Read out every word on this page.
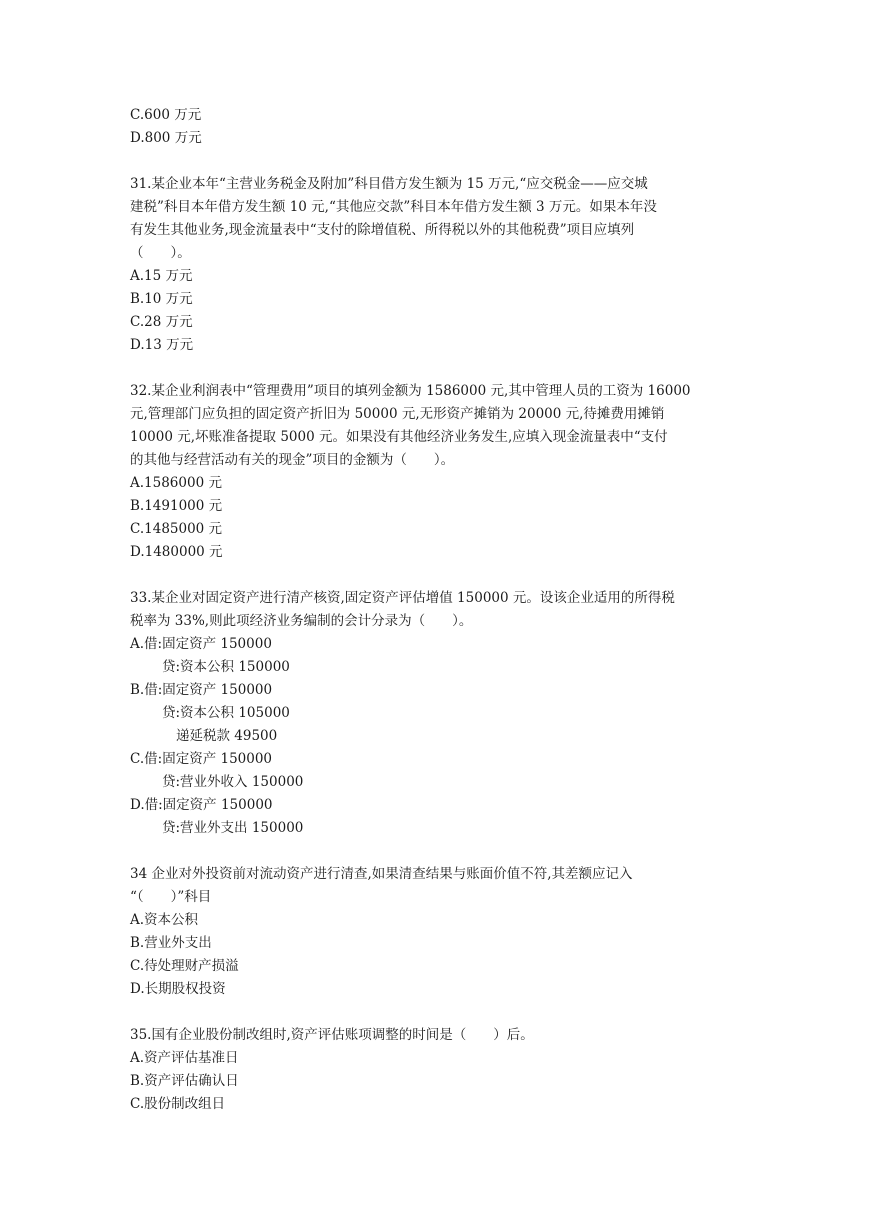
C.600 万元
D.800 万元
31.某企业本年“主营业务税金及附加”科目借方发生额为 15 万元,“应交税金——应交城
建税”科目本年借方发生额 10 元,“其他应交款”科目本年借方发生额 3 万元。如果本年没
有发生其他业务,现金流量表中“支付的除增值税、所得税以外的其他税费”项目应填列
（　　）。
A.15 万元
B.10 万元
C.28 万元
D.13 万元
32.某企业利润表中“管理费用”项目的填列金额为 1586000 元,其中管理人员的工资为 16000
元,管理部门应负担的固定资产折旧为 50000 元,无形资产摊销为 20000 元,待摊费用摊销
10000 元,坏账准备提取 5000 元。如果没有其他经济业务发生,应填入现金流量表中“支付
的其他与经营活动有关的现金”项目的金额为（　　）。
A.1586000 元
B.1491000 元
C.1485000 元
D.1480000 元
33.某企业对固定资产进行清产核资,固定资产评估增值 150000 元。设该企业适用的所得税
税率为 33%,则此项经济业务编制的会计分录为（　　）。
A.借:固定资产 150000
贷:资本公积 150000
B.借:固定资产 150000
贷:资本公积 105000
递延税款 49500
C.借:固定资产 150000
贷:营业外收入 150000
D.借:固定资产 150000
贷:营业外支出 150000
34 企业对外投资前对流动资产进行清查,如果清查结果与账面价值不符,其差额应记入
“（　　）”科目
A.资本公积
B.营业外支出
C.待处理财产损溢
D.长期股权投资
35.国有企业股份制改组时,资产评估账项调整的时间是（　　）后。
A.资产评估基准日
B.资产评估确认日
C.股份制改组日
